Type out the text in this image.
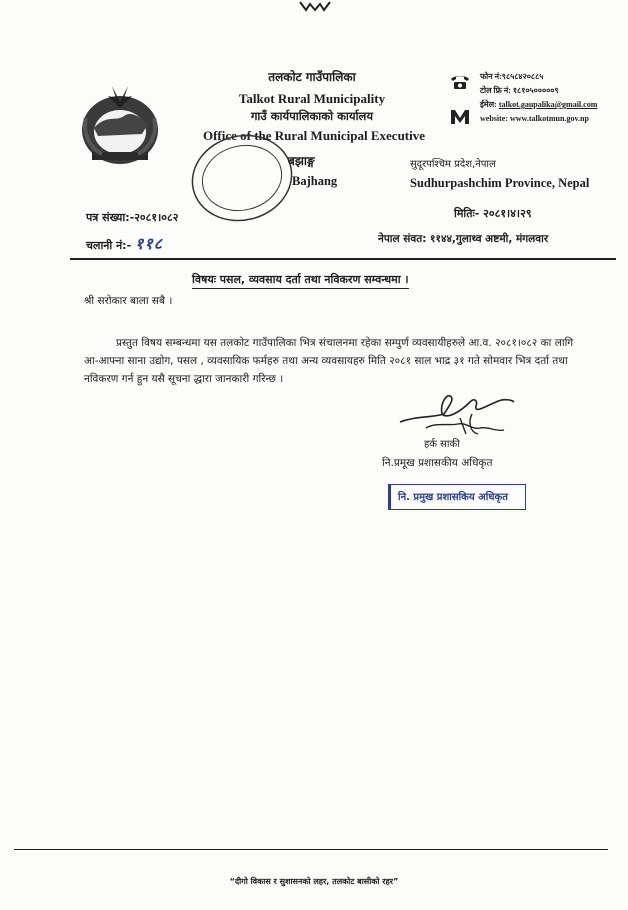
तलकोट गाउँपालिका
Talkot Rural Municipality
गाउँ कार्यपालिकाको कार्यालय
Office of the Rural Municipal Executive
बझाङ्ग
Bajhang
फोन नं:९८५८४२०८८५
टोल फ्रि नं: १८१०५०००००९
ईमेल: talkot.gaupalika@gmail.com
website: www.talkotmun.gov.np
सुदूरपश्चिम प्रदेश,नेपाल
Sudhurpashchim Province, Nepal
पत्र संख्या:-२०८१।०८२
चलानी नं:- ११८
मितिः- २०८१।४।२९
नेपाल संवत: ११४४,गुलाथ्व अष्टमी, मंगलवार
विषयः पसल, व्यवसाय दर्ता तथा नविकरण सम्वन्धमा ।
श्री सरोकार बाला सबै ।
प्रस्तुत विषय सम्बन्धमा यस तलकोट गाउँपालिका भित्र संचालनमा रहेका सम्पुर्ण व्यवसायीहरुले आ.व. २०८१।०८२ का लागि आ-आफ्ना साना उद्योग, पसल , व्यवसायिक फर्महरु तथा अन्य व्यवसायहरु मिति २०८१ साल भाद्र ३१ गते सोमवार भित्र दर्ता तथा नविकरण गर्न हुन यसै सूचना द्धारा जानकारी गरिन्छ ।
हर्क साकी
नि.प्रमूख प्रशासकीय अधिकृत
नि. प्रमुख प्रशासकिय अधिकृत
“दीगो विकास र सुशासनको लहर, तलकोट बासीको रहर”
